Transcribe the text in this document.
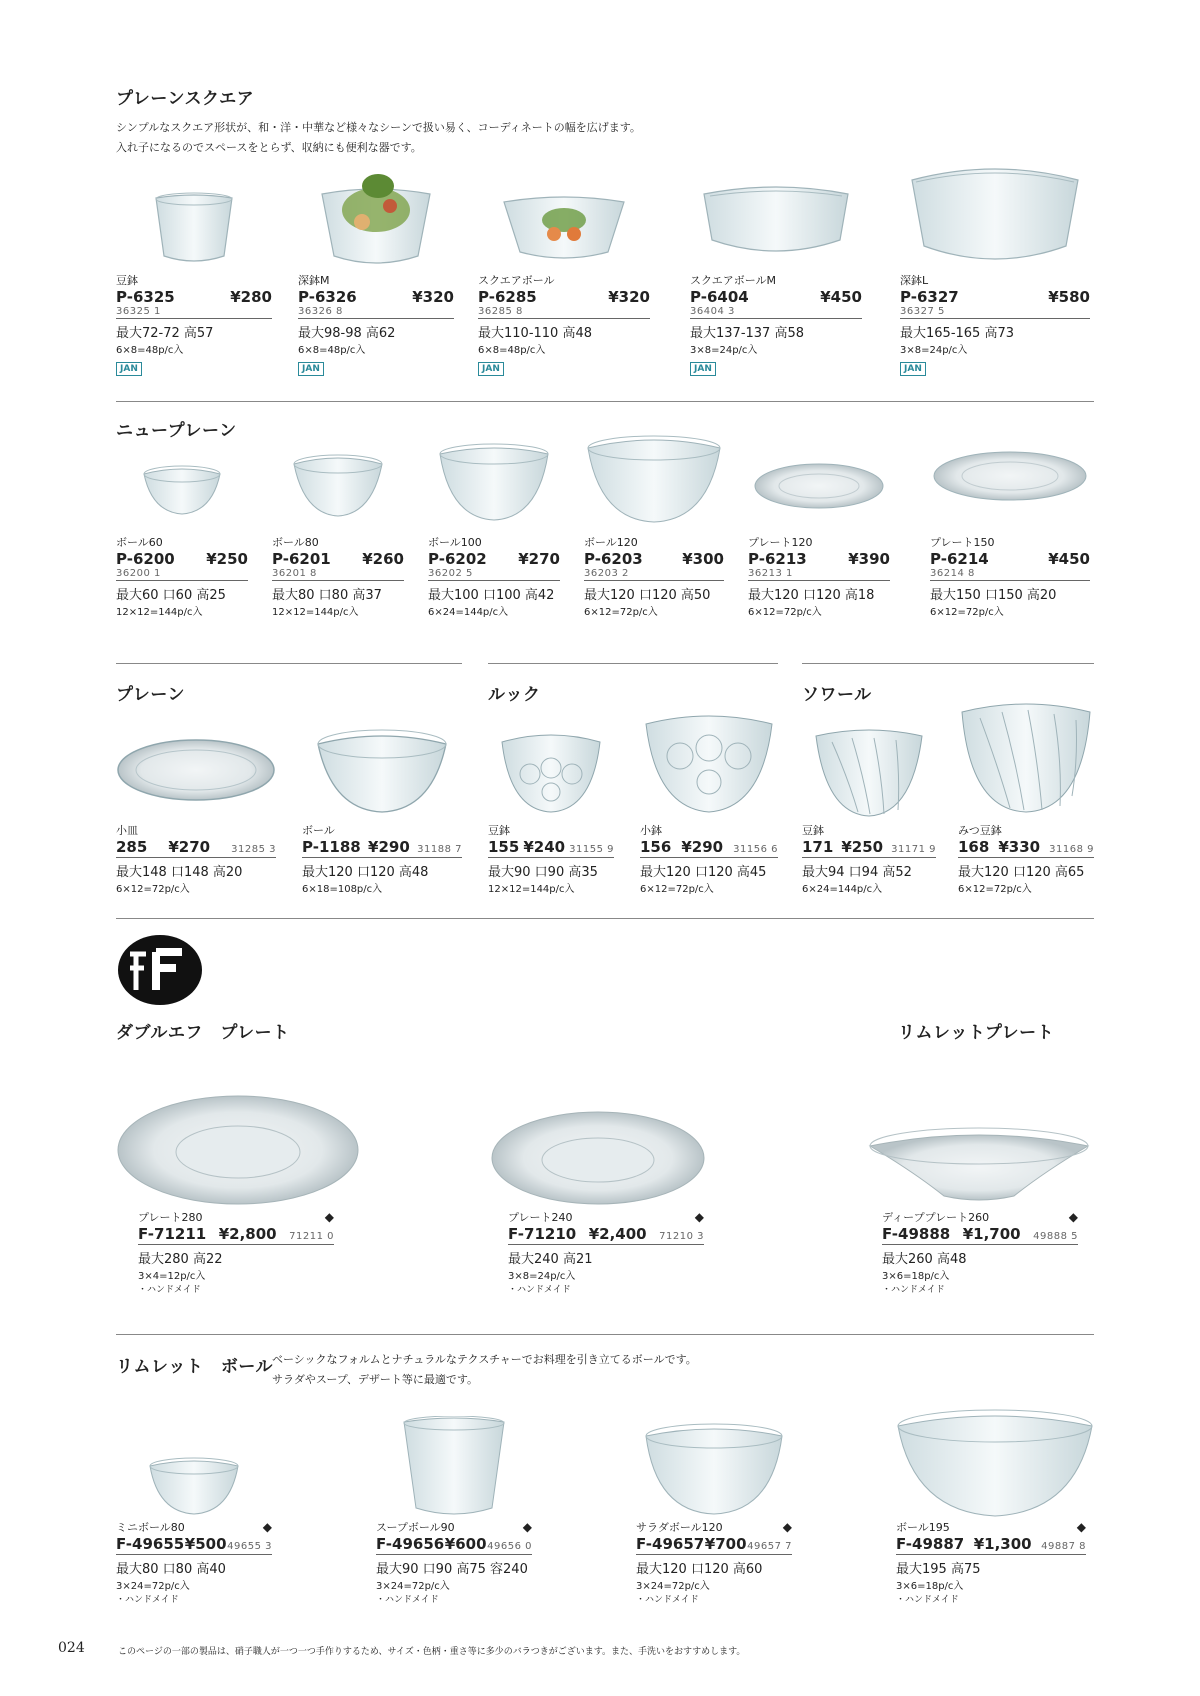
プレーンスクエア
シンプルなスクエア形状が、和・洋・中華など様々なシーンで扱い易く、コーディネートの幅を広げます。
入れ子になるのでスペースをとらず、収納にも便利な器です。
豆鉢
P-6325	¥280
36325 1
最大72-72 高57
6×8=48p/c入
JAN
深鉢M
P-6326	¥320
36326 8
最大98-98 高62
6×8=48p/c入
JAN
スクエアボール
P-6285	¥320
36285 8
最大110-110 高48
6×8=48p/c入
JAN
スクエアボールM
P-6404	¥450
36404 3
最大137-137 高58
3×8=24p/c入
JAN
深鉢L
P-6327	¥580
36327 5
最大165-165 高73
3×8=24p/c入
JAN
ニュープレーン
ボール60
P-6200 ¥250
36200 1
最大60 口60 高25
12×12=144p/c入
ボール80
P-6201 ¥260
36201 8
最大80 口80 高37
12×12=144p/c入
ボール100
P-6202 ¥270
36202 5
最大100 口100 高42
6×24=144p/c入
ボール120
P-6203	¥300
36203 2
最大120 口120 高50
6×12=72p/c入
プレート120
P-6213	¥390
36213 1
最大120 口120 高18
6×12=72p/c入
プレート150
P-6214	¥450
36214 8
最大150 口150 高20
6×12=72p/c入
プレーン	ルック	ソワール
小皿
285 ¥270 31285 3
最大148 口148 高20
6×12=72p/c入
ボール
P-1188 ¥290 31188 7
最大120 口120 高48
6×18=108p/c入
豆鉢
155 ¥240 31155 9
最大90 口90 高35
12×12=144p/c入
小鉢
156 ¥290 31156 6
最大120 口120 高45
6×12=72p/c入
豆鉢
171 ¥250 31171 9
最大94 口94 高52
6×24=144p/c入
みつ豆鉢
168 ¥330 31168 9
最大120 口120 高65
6×12=72p/c入
ダブルエフ　プレート	リムレットプレート
プレート280	◆
F-71211 ¥2,800 71211 0
最大280 高22
3×4=12p/c入
・ハンドメイド
プレート240	◆
F-71210 ¥2,400 71210 3
最大240 高21
3×8=24p/c入
・ハンドメイド
ディーププレート260	◆
F-49888 ¥1,700 49888 5
最大260 高48
3×6=18p/c入
・ハンドメイド
リムレット　ボール ベーシックなフォルムとナチュラルなテクスチャーでお料理を引き立てるボールです。
サラダやスープ、デザート等に最適です。
ミニボール80	◆
F-49655 ¥500 49655 3
最大80 口80 高40
3×24=72p/c入
・ハンドメイド
スープボール90	◆
F-49656 ¥600 49656 0
最大90 口90 高75 容240
3×24=72p/c入
・ハンドメイド
サラダボール120	◆
F-49657 ¥700 49657 7
最大120 口120 高60
3×24=72p/c入
・ハンドメイド
ボール195	◆
F-49887 ¥1,300 49887 8
最大195 高75
3×6=18p/c入
・ハンドメイド
024	このページの一部の製品は、硝子職人が一つ一つ手作りするため、サイズ・色柄・重さ等に多少のバラつきがございます。また、手洗いをおすすめします。
